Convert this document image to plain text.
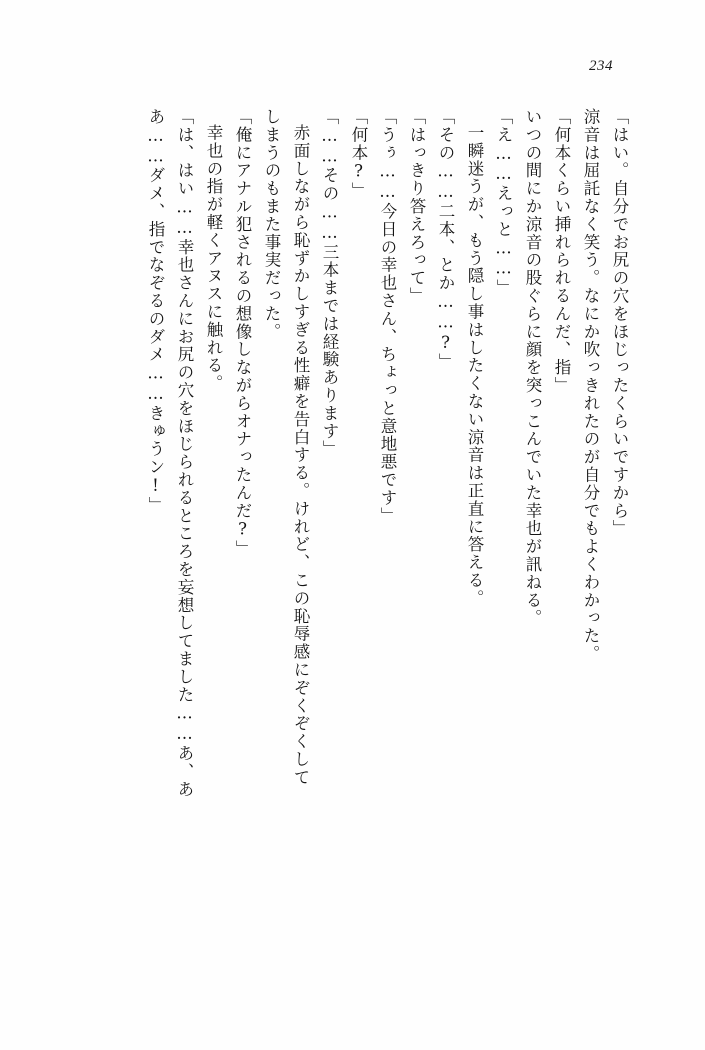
234
「はい。自分でお尻の穴をほじったくらいですから」
涼音は屈託なく笑う。なにか吹っきれたのが自分でもよくわかった。
「何本くらい挿れられるんだ、指」
いつの間にか涼音の股ぐらに顔を突っこんでいた幸也が訊ねる。
「え……えっと……」
一瞬迷うが、もう隠し事はしたくない涼音は正直に答える。
「その……二本、とか……?」
「はっきり答えろって」
「うぅ……今日の幸也さん、ちょっと意地悪です」
「何本?」
「……その……三本までは経験あります」
赤面しながら恥ずかしすぎる性癖を告白する。けれど、この恥辱感にぞくぞくして
しまうのもまた事実だった。
「俺にアナル犯されるの想像しながらオナったんだ?」
幸也の指が軽くアヌスに触れる。
「は、はい……幸也さんにお尻の穴をほじられるところを妄想してました……あ、あ
あ……ダメ、指でなぞるのダメ……きゅうン!」
